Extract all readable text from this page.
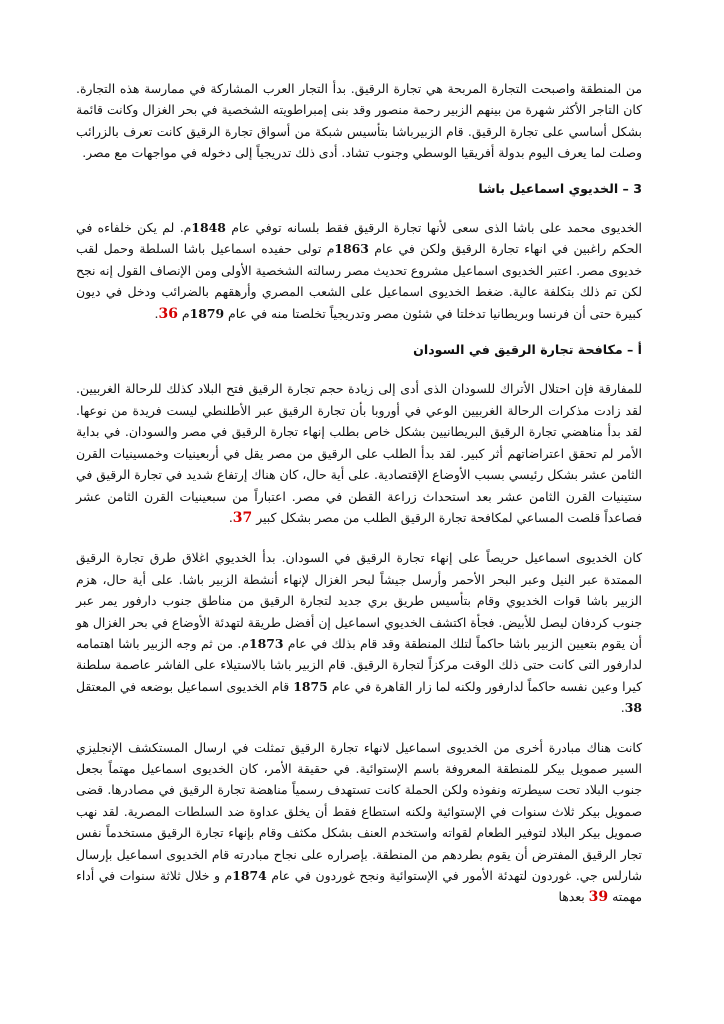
من المنطقة واصبحت التجارة المربحة هي تجارة الرقيق. بدأ التجار العرب المشاركة في ممارسة هذه التجارة. كان التاجر الأكثر شهرة من بينهم الزبير رحمة منصور وقد بنى إمبراطويته الشخصية في بحر الغزال وكانت قائمة بشكل أساسي على تجارة الرقيق. قام الزبيرباشا بتأسيس شبكة من أسواق تجارة الرقيق كانت تعرف بالزرائب وصلت لما يعرف اليوم بدولة أفريقيا الوسطي وجنوب تشاد. أدى ذلك تدريجياً إلى دخوله في مواجهات مع مصر.

3 – الخديوي اسماعيل باشا

الخديوى محمد على باشا الذى سعى لأنها تجارة الرقيق فقط بلسانه توفي عام 1848م. لم يكن خلفاءه في الحكم راغبين في انهاء تجارة الرقيق ولكن في عام 1863م تولى حفيده اسماعيل باشا السلطة وحمل لقب خديوى مصر. اعتبر الخديوى اسماعيل مشروع تحديث مصر رسالته الشخصية الأولى ومن الإنصاف القول إنه نجح لكن تم ذلك بتكلفة عالية. ضغط الخديوى اسماعيل على الشعب المصري وأرهقهم بالضرائب ودخل في ديون كبيرة حتى أن فرنسا وبريطانيا تدخلتا في شئون مصر وتدريجياً تخلصتا منه في عام 1879م 36.

أ – مكافحة تجارة الرقيق في السودان

للمفارقة فإن احتلال الأتراك للسودان الذى أدى إلى زيادة حجم تجارة الرقيق فتح البلاد كذلك للرحالة الغربيين. لقد زادت مذكرات الرحالة الغربيين الوعي في أوروبا بأن تجارة الرقيق عبر الأطلنطي ليست فريدة من نوعها. لقد بدأ مناهضي تجارة الرقيق البريطانيين بشكل خاص بطلب إنهاء تجارة الرقيق في مصر والسودان. في بداية الأمر لم تحقق اعتراضاتهم أثر كبير. لقد بدأ الطلب على الرقيق من مصر يقل في أربعينيات وخمسينيات القرن الثامن عشر بشكل رئيسي بسبب الأوضاع الإقتصادية. على أية حال، كان هناك إرتفاع شديد في تجارة الرقيق في ستينيات القرن الثامن عشر بعد استحداث زراعة القطن في مصر. اعتباراً من سبعينيات القرن الثامن عشر فصاعداً قلصت المساعي لمكافحة تجارة الرقيق الطلب من مصر بشكل كبير 37.

كان الخديوى اسماعيل حريصاً على إنهاء تجارة الرقيق في السودان. بدأ الخديوي اغلاق طرق تجارة الرقيق الممتدة عبر النيل وعبر البحر الأحمر وأرسل جيشاً لبحر الغزال لإنهاء أنشطة الزبير باشا. على أية حال، هزم الزبير باشا قوات الخديوي وقام بتأسيس طريق بري جديد لتجارة الرقيق من مناطق جنوب دارفور يمر عبر جنوب كردفان ليصل للأبيض. فجأة اكتشف الخديوي اسماعيل إن أفضل طريقة لتهدئة الأوضاع في بحر الغزال هو أن يقوم بتعيين الزبير باشا حاكماً لتلك المنطقة وقد قام بذلك في عام 1873م. من ثم وجه الزبير باشا اهتمامه لدارفور التى كانت حتى ذلك الوقت مركزاً لتجارة الرقيق. قام الزبير باشا بالاستيلاء على الفاشر عاصمة سلطنة كيرا وعين نفسه حاكماً لدارفور ولكنه لما زار القاهرة في عام 1875 قام الخديوى اسماعيل بوضعه في المعتقل 38.

كانت هناك مبادرة أخرى من الخديوى اسماعيل لانهاء تجارة الرقيق تمثلت في ارسال المستكشف الإنجليزي السير صمويل بيكر للمنطقة المعروفة باسم الإستوائية. في حقيقة الأمر، كان الخديوى اسماعيل مهتماً بجعل جنوب البلاد تحت سيطرته ونفوذه ولكن الحملة كانت تستهدف رسمياً مناهضة تجارة الرقيق في مصادرها. قضى صمويل بيكر ثلاث سنوات في الإستوائية ولكنه استطاع فقط أن يخلق عداوة ضد السلطات المصرية. لقد نهب صمويل بيكر البلاد لتوفير الطعام لقواته واستخدم العنف بشكل مكثف وقام بإنهاء تجارة الرقيق مستخدماً نفس تجار الرقيق المفترض أن يقوم بطردهم من المنطقة. بإصراره على نجاح مبادرته قام الخديوى اسماعيل بإرسال شارلس جي. غوردون لتهدئة الأمور في الإستوائية ونجح غوردون في عام 1874م و خلال ثلاثة سنوات في أداء مهمته 39 بعدها
